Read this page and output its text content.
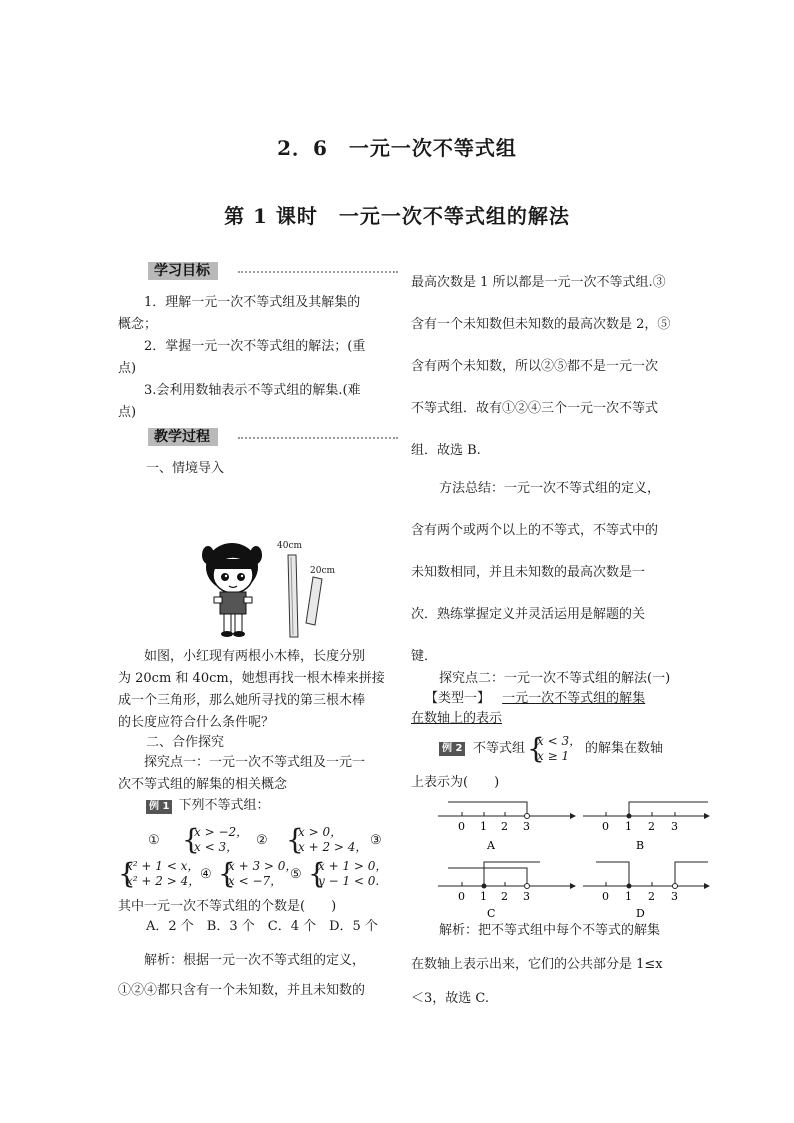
2．6　一元一次不等式组
第 1 课时　一元一次不等式组的解法
学习目标
1．理解一元一次不等式组及其解集的
概念；
2．掌握一元一次不等式组的解法；(重
点)
3.会利用数轴表示不等式组的解集.(难
点)
教学过程
一、情境导入
40cm
20cm
如图，小红现有两根小木棒，长度分别
为 20cm 和 40cm，她想再找一根木棒来拼接
成一个三角形，那么她所寻找的第三根木棒
的长度应符合什么条件呢？
二、合作探究
探究点一：一元一次不等式组及一元一
次不等式组的解集的相关概念
例 1 下列不等式组：
① {
x > −2，
x < 3，	② {
x > 0，
x + 2 > 4， ③
{
x² + 1 < x，
x² + 2 > 4， ④ {
x + 3 > 0，
x < −7， ⑤ {
x + 1 > 0，
y − 1 < 0.
其中一元一次不等式组的个数是(　　)
A．2 个　B．3 个　C．4 个　D．5 个
解析：根据一元一次不等式组的定义，
①②④都只含有一个未知数，并且未知数的
最高次数是 1 所以都是一元一次不等式组.③
含有一个未知数但未知数的最高次数是 2，⑤
含有两个未知数，所以②⑤都不是一元一次
不等式组．故有①②④三个一元一次不等式
组．故选 B.
方法总结：一元一次不等式组的定义，
含有两个或两个以上的不等式，不等式中的
未知数相同，并且未知数的最高次数是一
次．熟练掌握定义并灵活运用是解题的关
键．
探究点二：一元一次不等式组的解法(一)
【类型一】 一元一次不等式组的解集
在数轴上的表示
例 2 不等式组 {
x < 3，
x ≥ 1	的解集在数轴
上表示为(　　)
0 1 2 3
A
0 1 2 3
B
0 1 2 3
C
0 1 2 3
D
解析：把不等式组中每个不等式的解集
在数轴上表示出来，它们的公共部分是 1≤x
＜3，故选 C.
